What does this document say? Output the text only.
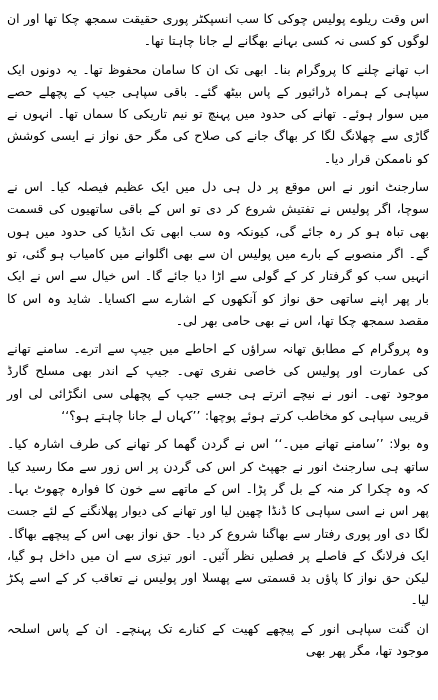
اس وقت ریلوے پولیس چوکی کا سب انسپکٹر پوری حقیقت سمجھ چکا تھا اور ان لوگوں کو کسی نہ کسی بہانے بھگانے لے جانا چاہتا تھا۔

اب تھانے چلنے کا پروگرام بنا۔ ابھی تک ان کا سامان محفوظ تھا۔ یہ دونوں ایک سپاہی کے ہمراہ ڈرائیور کے پاس بیٹھ گئے۔ باقی سپاہی جیپ کے پچھلے حصے میں سوار ہوئے۔ تھانے کی حدود میں پہنچ تو نیم تاریکی کا سماں تھا۔ انہوں نے گاڑی سے چھلانگ لگا کر بھاگ جانے کی صلاح کی مگر حق نواز نے ایسی کوشش کو ناممکن قرار دیا۔

سارجنٹ انور نے اس موقع پر دل ہی دل میں ایک عظیم فیصلہ کیا۔ اس نے سوچا، اگر پولیس نے تفتیش شروع کر دی تو اس کے باقی ساتھیوں کی قسمت بھی تباہ ہو کر رہ جائے گی، کیونکہ وہ سب ابھی تک انڈیا کی حدود میں ہوں گے۔ اگر منصوبے کے بارے میں پولیس ان سے بھی اگلوانے میں کامیاب ہو گئی، تو انہیں سب کو گرفتار کر کے گولی سے اڑا دیا جائے گا۔ اس خیال سے اس نے ایک بار پھر اپنے ساتھی حق نواز کو آنکھوں کے اشارے سے اکسایا۔ شاید وہ اس کا مقصد سمجھ چکا تھا، اس نے بھی حامی بھر لی۔

وہ پروگرام کے مطابق تھانہ سراؤں کے احاطے میں جیپ سے اترے۔ سامنے تھانے کی عمارت اور پولیس کی خاصی نفری تھی۔ جیپ کے اندر بھی مسلح گارڈ موجود تھی۔ انور نے نیچے اترتے ہی جسے جیپ کے پچھلی سی انگڑائی لی اور قریبی سپاہی کو مخاطب کرتے ہوئے پوچھا: ’’کہاں لے جانا چاہتے ہو؟‘‘

وہ بولا: ’’سامنے تھانے میں۔‘‘ اس نے گردن گھما کر تھانے کی طرف اشارہ کیا۔ ساتھ ہی سارجنٹ انور نے جھپٹ کر اس کی گردن پر اس زور سے مکا رسید کیا کہ وہ چکرا کر منہ کے بل گر پڑا۔ اس کے ماتھے سے خون کا فوارہ چھوٹ بہا۔ پھر اس نے اسی سپاہی کا ڈنڈا چھین لیا اور تھانے کی دیوار پھلانگنے کے لئے جست لگا دی اور پوری رفتار سے بھاگنا شروع کر دیا۔ حق نواز بھی اس کے پیچھے بھاگا۔ ایک فرلانگ کے فاصلے پر فصلیں نظر آئیں۔ انور تیزی سے ان میں داخل ہو گیا، لیکن حق نواز کا پاؤں بد قسمتی سے پھسلا اور پولیس نے تعاقب کر کے اسے پکڑ لیا۔

ان گنت سپاہی انور کے پیچھے کھیت کے کنارے تک پہنچے۔ ان کے پاس اسلحہ موجود تھا، مگر پھر بھی
